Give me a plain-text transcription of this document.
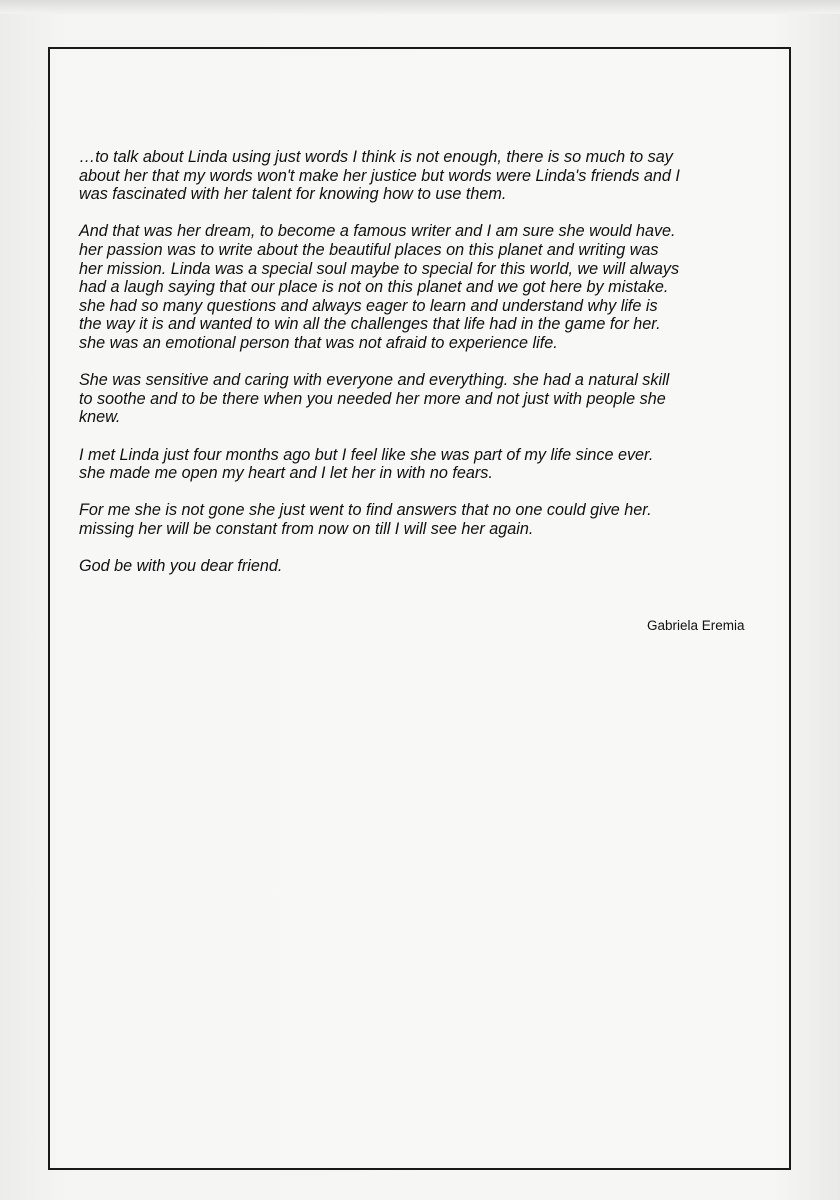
…to talk about Linda using just words I think is not enough, there is so much to say
about her that my words won't make her justice but words were Linda's friends and I
was fascinated with her talent for knowing how to use them.

And that was her dream, to become a famous writer and I am sure she would have.
her passion was to write about the beautiful places on this planet and writing was
her mission. Linda was a special soul maybe to special for this world, we will always
had a laugh saying that our place is not on this planet and we got here by mistake.
she had so many questions and always eager to learn and understand why life is
the way it is and wanted to win all the challenges that life had in the game for her.
she was an emotional person that was not afraid to experience life.

She was sensitive and caring with everyone and everything. she had a natural skill
to soothe and to be there when you needed her more and not just with people she
knew.

I met Linda just four months ago but I feel like she was part of my life since ever.
she made me open my heart and I let her in with no fears.

For me she is not gone she just went to find answers that no one could give her.
missing her will be constant from now on till I will see her again.

God be with you dear friend.

Gabriela Eremia
